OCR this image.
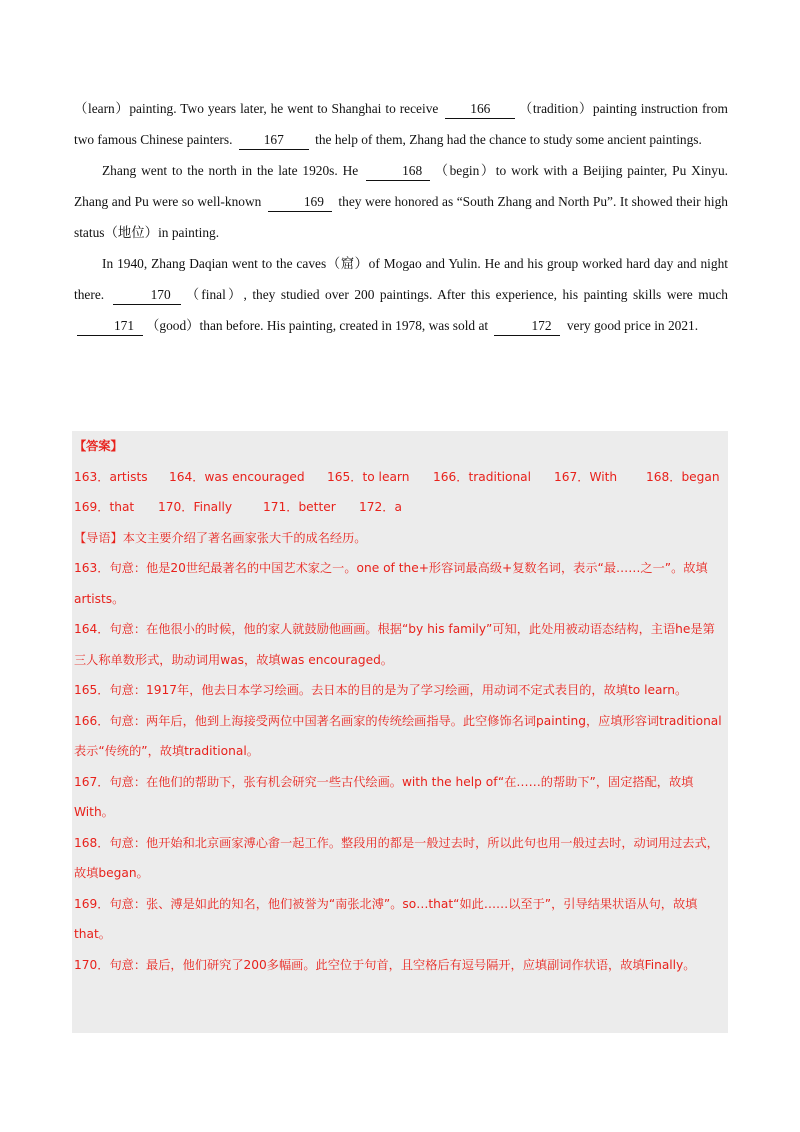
（learn）painting. Two years later, he went to Shanghai to receive 166 （tradition）painting instruction from two famous Chinese painters. 167 the help of them, Zhang had the chance to study some ancient paintings.

Zhang went to the north in the late 1920s. He	168 （begin）to work with a Beijing painter, Pu Xinyu. Zhang and Pu were so well-known	169 they were honored as “South Zhang and North Pu”. It showed their high status（地位）in painting.

In 1940, Zhang Daqian went to the caves（窟）of Mogao and Yulin. He and his group worked hard day and night there.	170 （final）, they studied over 200 paintings. After this experience, his painting skills were much 171 （good）than before. His painting, created in 1978, was sold at	172 very good price in 2021.

【答案】
163．artists 164．was encouraged 165．to learn 166．traditional 167．With 168．began
169．that 170．Finally	171．better 172．a

【导语】本文主要介绍了著名画家张大千的成名经历。

163．句意：他是20世纪最著名的中国艺术家之一。one of the+形容词最高级+复数名词，表示“最……之一”。故填artists。

164．句意：在他很小的时候，他的家人就鼓励他画画。根据“by his family”可知，此处用被动语态结构，主语he是第三人称单数形式，助动词用was，故填was encouraged。

165．句意：1917年，他去日本学习绘画。去日本的目的是为了学习绘画，用动词不定式表目的，故填to learn。

166．句意：两年后，他到上海接受两位中国著名画家的传统绘画指导。此空修饰名词painting，应填形容词traditional表示“传统的”，故填traditional。

167．句意：在他们的帮助下，张有机会研究一些古代绘画。with the help of“在……的帮助下”，固定搭配，故填With。

168．句意：他开始和北京画家溥心畬一起工作。整段用的都是一般过去时，所以此句也用一般过去时，动词用过去式，故填began。

169．句意：张、溥是如此的知名，他们被誉为“南张北溥”。so…that“如此……以至于”，引导结果状语从句，故填that。

170．句意：最后，他们研究了200多幅画。此空位于句首，且空格后有逗号隔开，应填副词作状语，故填Finally。
